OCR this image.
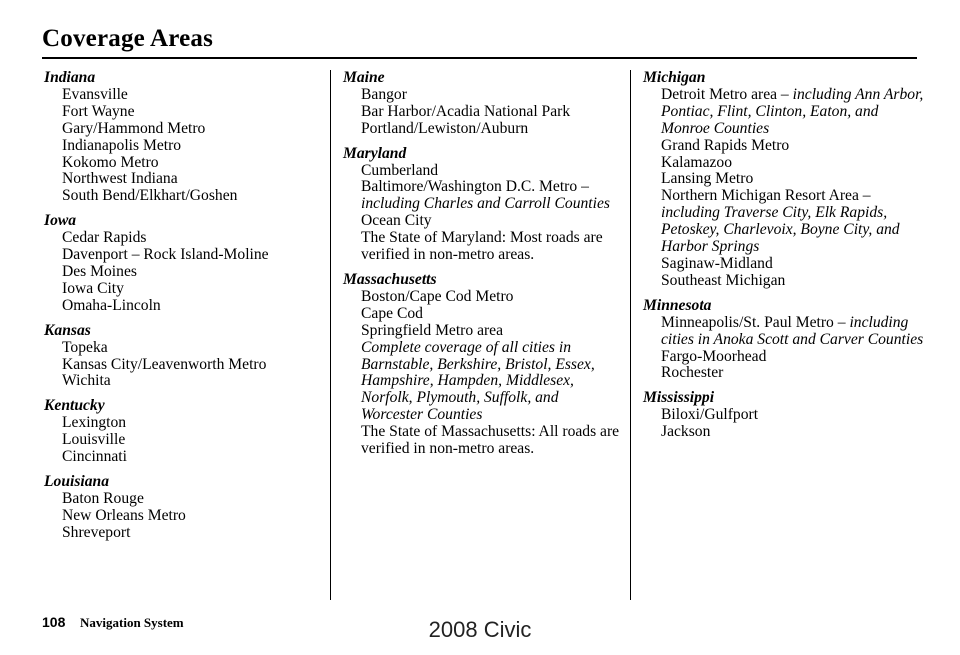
Coverage Areas
Indiana
Evansville
Fort Wayne
Gary/Hammond Metro
Indianapolis Metro
Kokomo Metro
Northwest Indiana
South Bend/Elkhart/Goshen
Iowa
Cedar Rapids
Davenport – Rock Island-Moline
Des Moines
Iowa City
Omaha-Lincoln
Kansas
Topeka
Kansas City/Leavenworth Metro
Wichita
Kentucky
Lexington
Louisville
Cincinnati
Louisiana
Baton Rouge
New Orleans Metro
Shreveport
Maine
Bangor
Bar Harbor/Acadia National Park
Portland/Lewiston/Auburn
Maryland
Cumberland
Baltimore/Washington D.C. Metro – including Charles and Carroll Counties
Ocean City
The State of Maryland: Most roads are verified in non-metro areas.
Massachusetts
Boston/Cape Cod Metro
Cape Cod
Springfield Metro area
Complete coverage of all cities in Barnstable, Berkshire, Bristol, Essex, Hampshire, Hampden, Middlesex, Norfolk, Plymouth, Suffolk, and Worcester Counties
The State of Massachusetts: All roads are verified in non-metro areas.
Michigan
Detroit Metro area – including Ann Arbor, Pontiac, Flint, Clinton, Eaton, and Monroe Counties
Grand Rapids Metro
Kalamazoo
Lansing Metro
Northern Michigan Resort Area – including Traverse City, Elk Rapids, Petoskey, Charlevoix, Boyne City, and Harbor Springs
Saginaw-Midland
Southeast Michigan
Minnesota
Minneapolis/St. Paul Metro – including cities in Anoka Scott and Carver Counties
Fargo-Moorhead
Rochester
Mississippi
Biloxi/Gulfport
Jackson
108 Navigation System	2008 Civic
